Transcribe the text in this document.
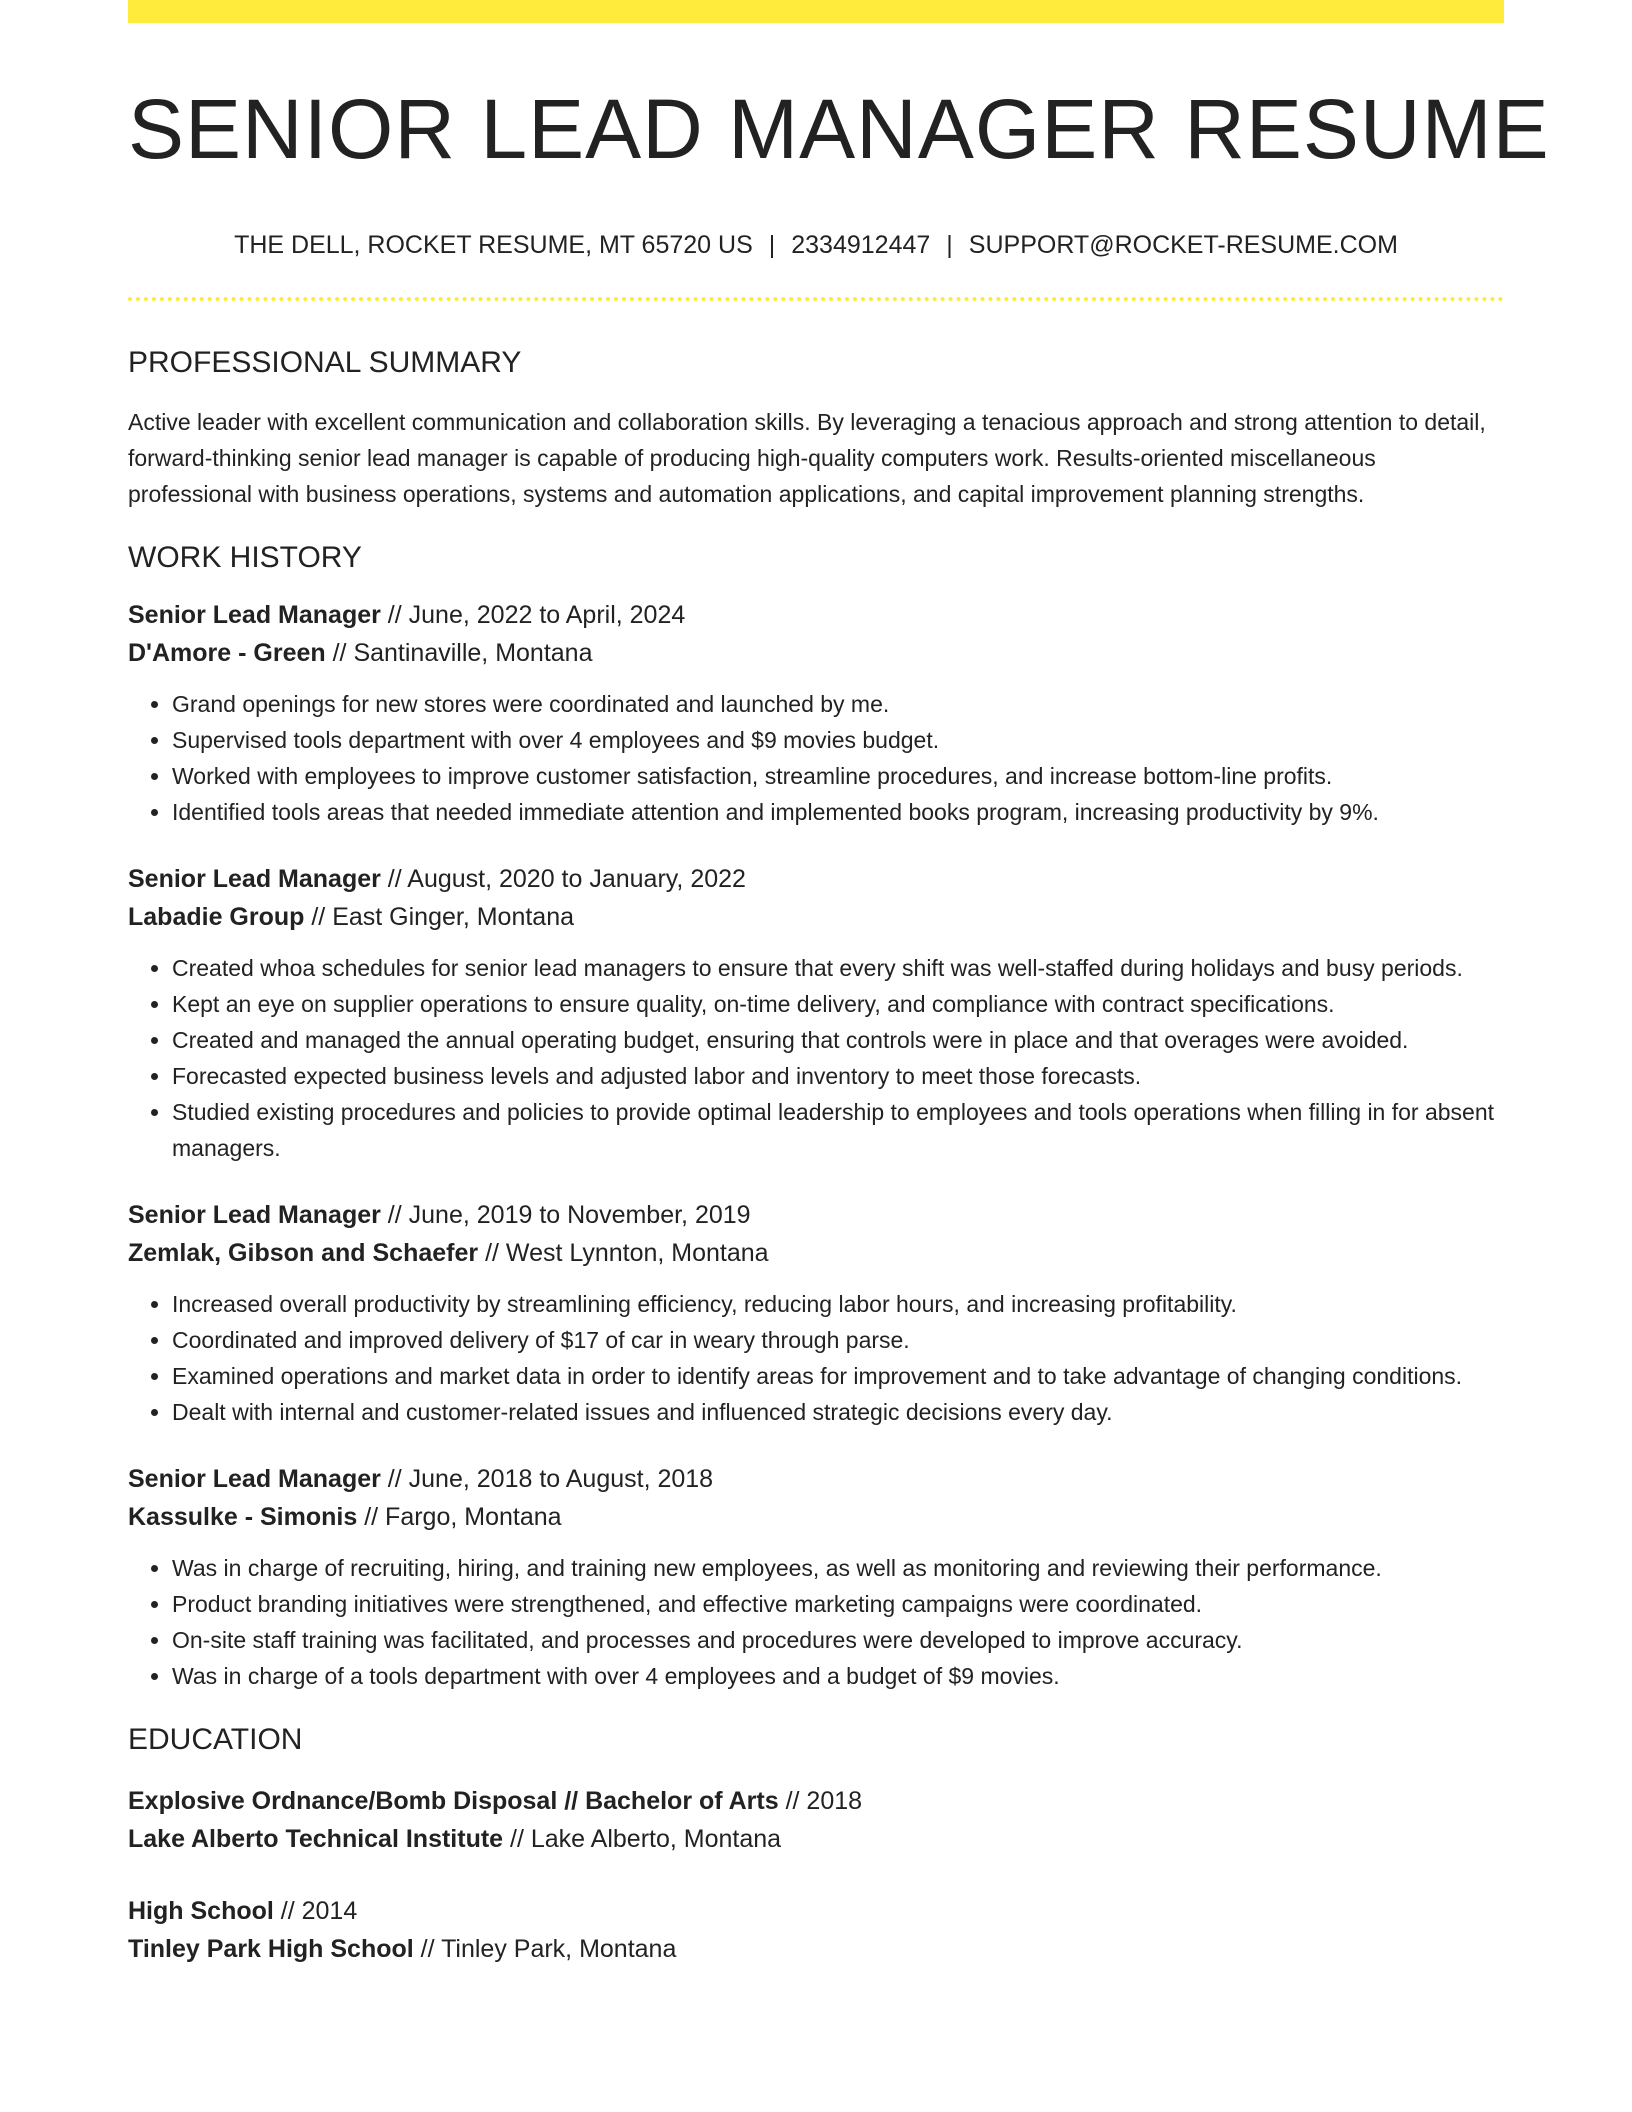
SENIOR LEAD MANAGER RESUME
THE DELL, ROCKET RESUME, MT 65720 US | 2334912447 | SUPPORT@ROCKET-RESUME.COM
PROFESSIONAL SUMMARY

Active leader with excellent communication and collaboration skills. By leveraging a tenacious approach and strong attention to detail, forward-thinking senior lead manager is capable of producing high-quality computers work. Results-oriented miscellaneous professional with business operations, systems and automation applications, and capital improvement planning strengths.

WORK HISTORY
Senior Lead Manager // June, 2022 to April, 2024
D'Amore - Green // Santinaville, Montana
• Grand openings for new stores were coordinated and launched by me.
• Supervised tools department with over 4 employees and $9 movies budget.
• Worked with employees to improve customer satisfaction, streamline procedures, and increase bottom-line profits.
• Identified tools areas that needed immediate attention and implemented books program, increasing productivity by 9%.
Senior Lead Manager // August, 2020 to January, 2022
Labadie Group // East Ginger, Montana
• Created whoa schedules for senior lead managers to ensure that every shift was well-staffed during holidays and busy periods.
• Kept an eye on supplier operations to ensure quality, on-time delivery, and compliance with contract specifications.
• Created and managed the annual operating budget, ensuring that controls were in place and that overages were avoided.
• Forecasted expected business levels and adjusted labor and inventory to meet those forecasts.
• Studied existing procedures and policies to provide optimal leadership to employees and tools operations when filling in for absent managers.
Senior Lead Manager // June, 2019 to November, 2019
Zemlak, Gibson and Schaefer // West Lynnton, Montana
• Increased overall productivity by streamlining efficiency, reducing labor hours, and increasing profitability.
• Coordinated and improved delivery of $17 of car in weary through parse.
• Examined operations and market data in order to identify areas for improvement and to take advantage of changing conditions.
• Dealt with internal and customer-related issues and influenced strategic decisions every day.
Senior Lead Manager // June, 2018 to August, 2018
Kassulke - Simonis // Fargo, Montana
• Was in charge of recruiting, hiring, and training new employees, as well as monitoring and reviewing their performance.
• Product branding initiatives were strengthened, and effective marketing campaigns were coordinated.
• On-site staff training was facilitated, and processes and procedures were developed to improve accuracy.
• Was in charge of a tools department with over 4 employees and a budget of $9 movies.
EDUCATION
Explosive Ordnance/Bomb Disposal // Bachelor of Arts // 2018
Lake Alberto Technical Institute // Lake Alberto, Montana
High School // 2014
Tinley Park High School // Tinley Park, Montana
